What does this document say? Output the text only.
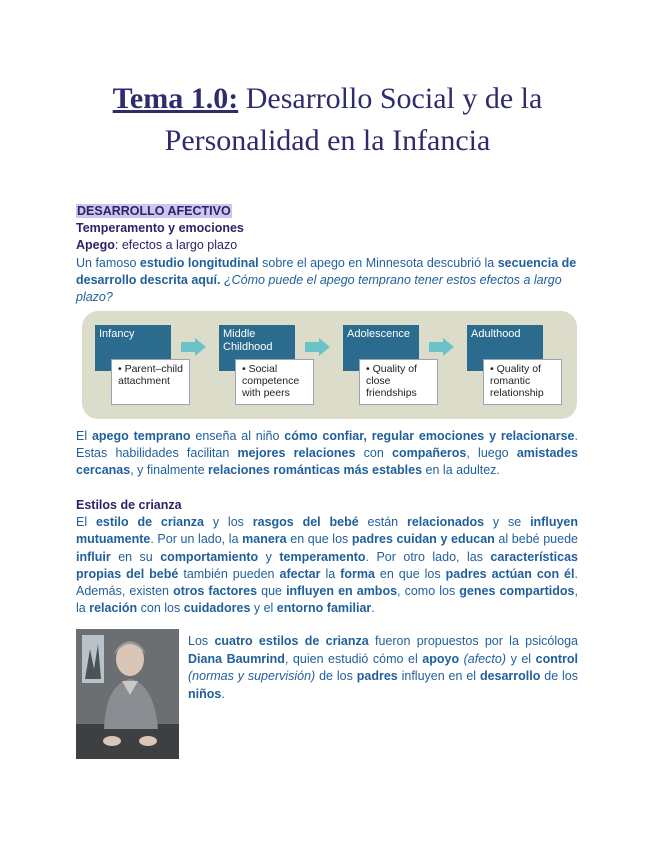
Tema 1.0: Desarrollo Social y de la
Personalidad en la Infancia

DESARROLLO AFECTIVO

Temperamento y emociones

Apego: efectos a largo plazo

Un famoso estudio longitudinal sobre el apego en Minnesota descubrió la secuencia de desarrollo descrita aquí. ¿Cómo puede el apego temprano tener estos efectos a largo plazo?

Infancy
• Parent–child attachment
Middle Childhood
• Social competence with peers
Adolescence
• Quality of close friendships
Adulthood
• Quality of romantic relationship
El apego temprano enseña al niño cómo confiar, regular emociones y relacionarse. Estas habilidades facilitan mejores relaciones con compañeros, luego amistades cercanas, y finalmente relaciones románticas más estables en la adultez.

Estilos de crianza

El estilo de crianza y los rasgos del bebé están relacionados y se influyen mutuamente. Por un lado, la manera en que los padres cuidan y educan al bebé puede influir en su comportamiento y temperamento. Por otro lado, las características propias del bebé también pueden afectar la forma en que los padres actúan con él. Además, existen otros factores que influyen en ambos, como los genes compartidos, la relación con los cuidadores y el entorno familiar.

Los cuatro estilos de crianza fueron propuestos por la psicóloga Diana Baumrind, quien estudió cómo el apoyo (afecto) y el control (normas y supervisión) de los padres influyen en el desarrollo de los niños.
